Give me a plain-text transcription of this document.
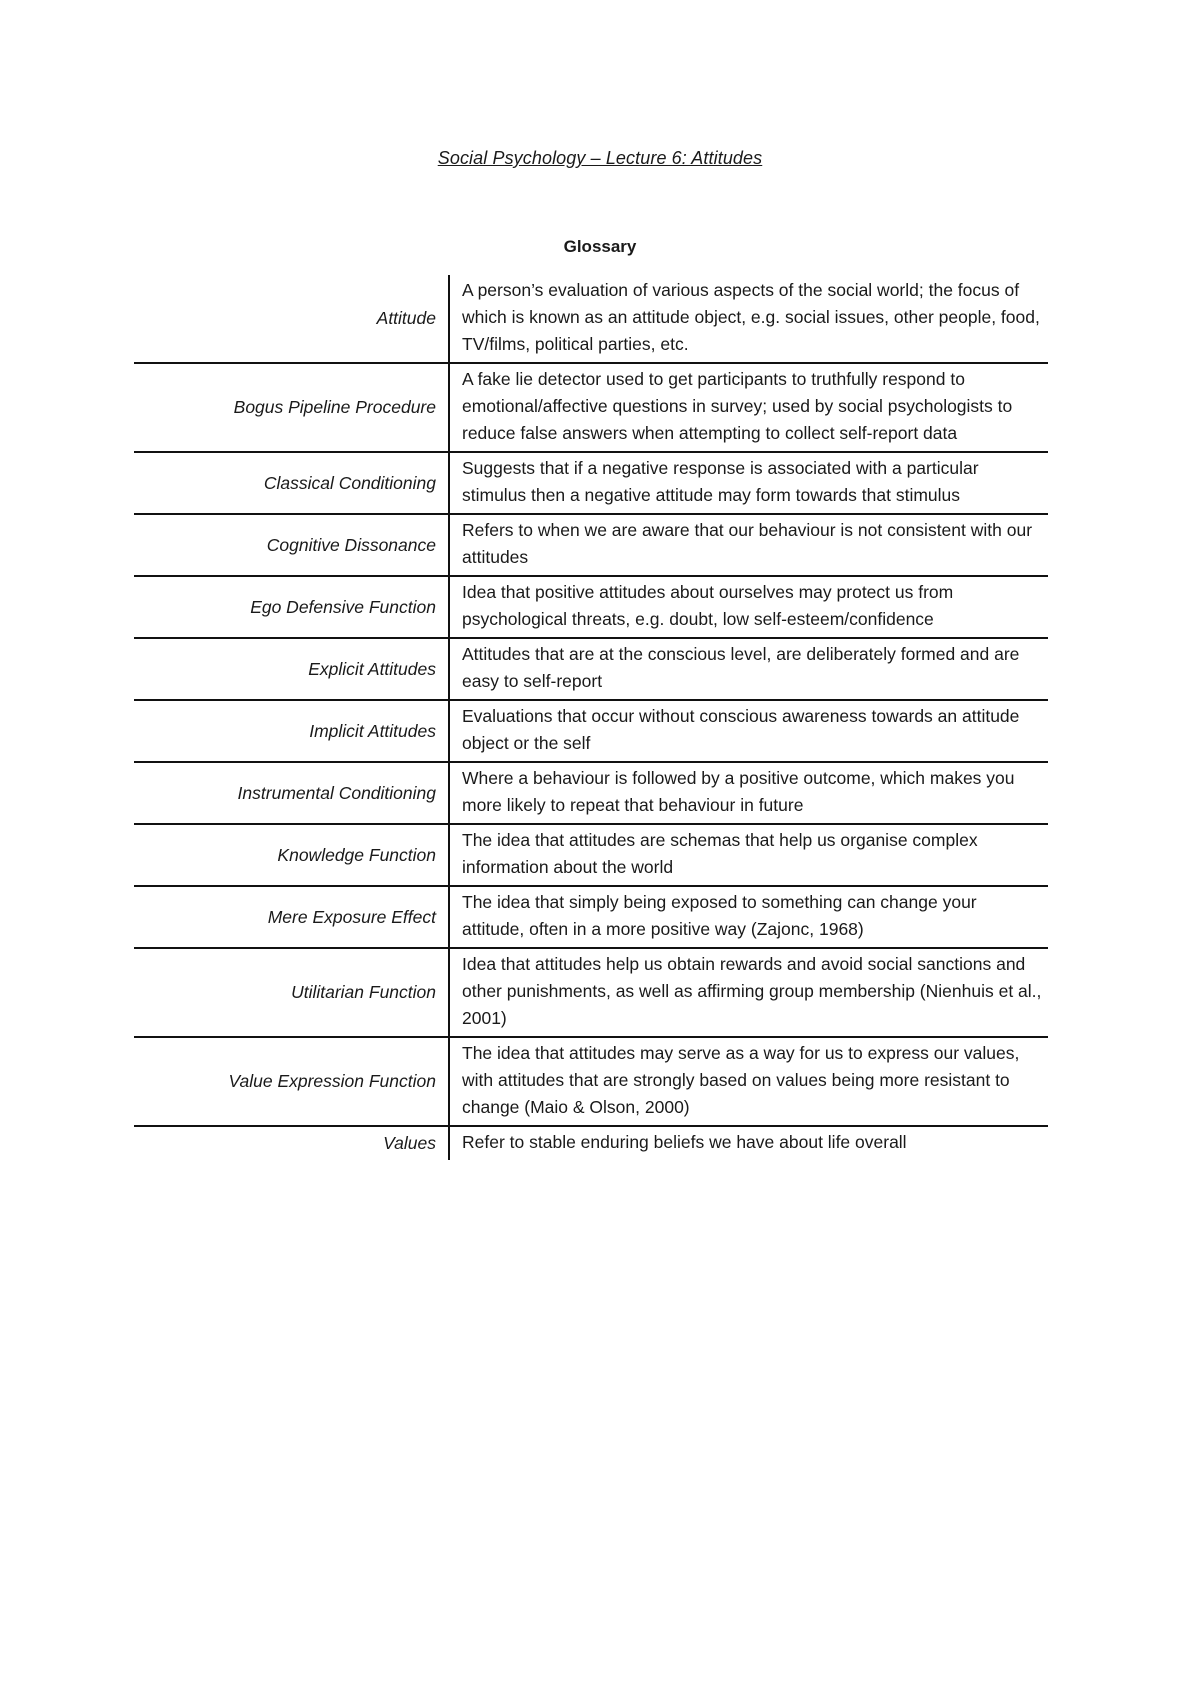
Social Psychology – Lecture 6: Attitudes
Glossary
Attitude	A person’s evaluation of various aspects of the social world; the focus of which is known as an attitude object, e.g. social issues, other people, food, TV/films, political parties, etc.
Bogus Pipeline Procedure	A fake lie detector used to get participants to truthfully respond to emotional/affective questions in survey; used by social psychologists to reduce false answers when attempting to collect self-report data
Classical Conditioning	Suggests that if a negative response is associated with a particular stimulus then a negative attitude may form towards that stimulus
Cognitive Dissonance	Refers to when we are aware that our behaviour is not consistent with our attitudes
Ego Defensive Function	Idea that positive attitudes about ourselves may protect us from psychological threats, e.g. doubt, low self-esteem/confidence
Explicit Attitudes	Attitudes that are at the conscious level, are deliberately formed and are easy to self-report
Implicit Attitudes	Evaluations that occur without conscious awareness towards an attitude object or the self
Instrumental Conditioning	Where a behaviour is followed by a positive outcome, which makes you more likely to repeat that behaviour in future
Knowledge Function	The idea that attitudes are schemas that help us organise complex information about the world
Mere Exposure Effect	The idea that simply being exposed to something can change your attitude, often in a more positive way (Zajonc, 1968)
Utilitarian Function	Idea that attitudes help us obtain rewards and avoid social sanctions and other punishments, as well as affirming group membership (Nienhuis et al., 2001)
Value Expression Function	The idea that attitudes may serve as a way for us to express our values, with attitudes that are strongly based on values being more resistant to change (Maio & Olson, 2000)
Values	Refer to stable enduring beliefs we have about life overall
